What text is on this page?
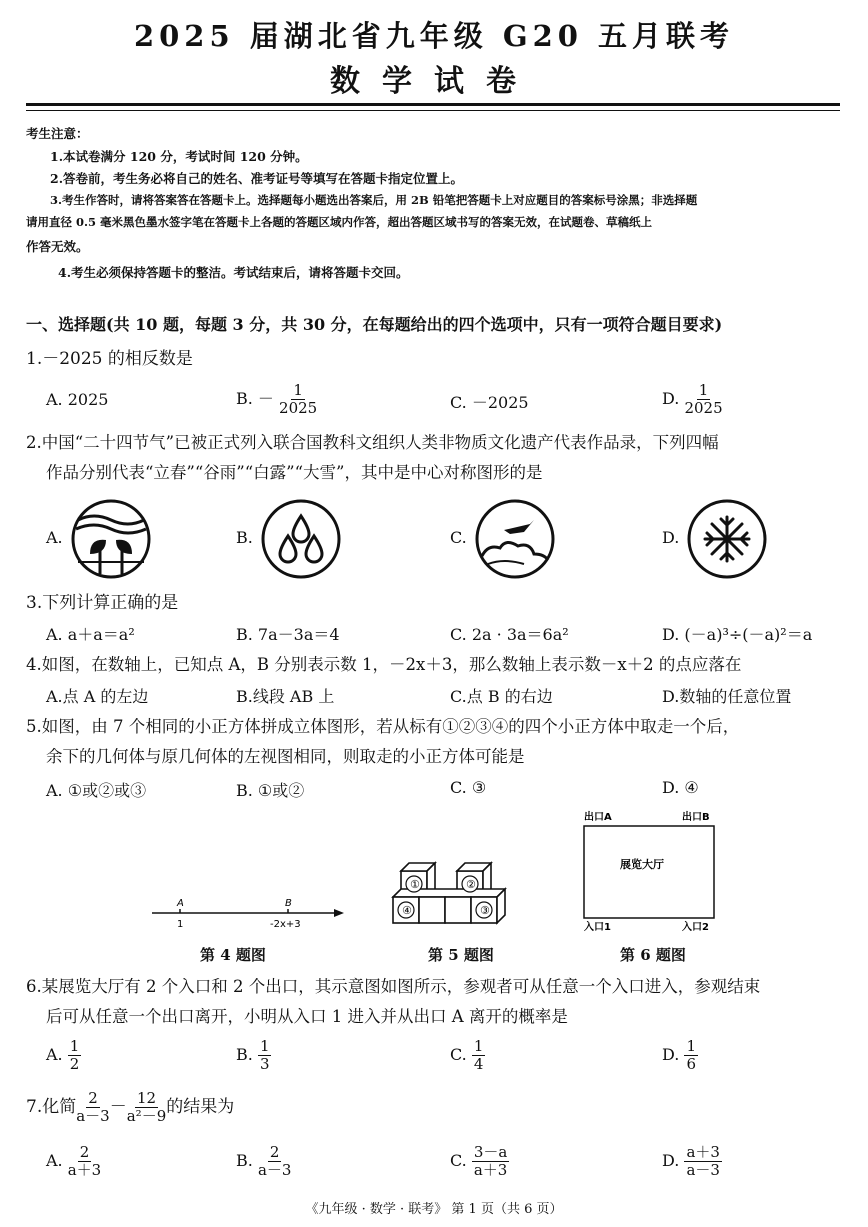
2025 届湖北省九年级 G20 五月联考
数学试卷
考生注意：
1.本试卷满分 120 分，考试时间 120 分钟。
2.答卷前，考生务必将自己的姓名、准考证号等填写在答题卡指定位置上。
3.考生作答时，请将答案答在答题卡上。选择题每小题选出答案后，用 2B 铅笔把答题卡上对应题目的答案标号涂黑；非选择题
请用直径 0.5 毫米黑色墨水签字笔在答题卡上各题的答题区域内作答，超出答题区域书写的答案无效，在试题卷、草稿纸上
作答无效。
4.考生必须保持答题卡的整洁。考试结束后，请将答题卡交回。
一、选择题(共 10 题，每题 3 分，共 30 分，在每题给出的四个选项中，只有一项符合题目要求)
1.－2025 的相反数是
A. 2025	B. － $\frac{1}{2025}$	C. －2025	D. $\frac{1}{2025}$
2.中国“二十四节气”已被正式列入联合国教科文组织人类非物质文化遗产代表作品录，下列四幅
作品分别代表“立春”“谷雨”“白露”“大雪”，其中是中心对称图形的是
A.	B.	C.	D.
3.下列计算正确的是
A. a＋a＝a²	B. 7a－3a＝4	C. 2a · 3a＝6a²	D. (－a)³÷(－a)²＝a
4.如图，在数轴上，已知点 A，B 分别表示数 1，－2x＋3，那么数轴上表示数－x＋2 的点应落在
A.点 A 的左边	B.线段 AB 上	C.点 B 的右边	D.数轴的任意位置
5.如图，由 7 个相同的小正方体拼成立体图形，若从标有①②③④的四个小正方体中取走一个后，
余下的几何体与原几何体的左视图相同，则取走的小正方体可能是
A. ①或②或③	B. ①或②	C. ③	D. ④
A	B
1	-2x+3
第 4 题图
①	②
④	③
第 5 题图
出口A	出口B
展览大厅
入口1	入口2
第 6 题图
6.某展览大厅有 2 个入口和 2 个出口，其示意图如图所示，参观者可从任意一个入口进入，参观结束
后可从任意一个出口离开，小明从入口 1 进入并从出口 A 离开的概率是
A. $\frac{1}{2}$	B. $\frac{1}{3}$	C. $\frac{1}{4}$	D. $\frac{1}{6}$
7.化简 $\frac{2}{a-3} - \frac{12}{\text{a²－9}}$ 的结果为
A. $\frac{2}{a+3}$	B. $\frac{2}{a-3}$	C. $\frac{3-a}{a+3}$	D. $\frac{a+3}{a-3}$
《九年级 · 数学 · 联考》 第 1 页（共 6 页）
